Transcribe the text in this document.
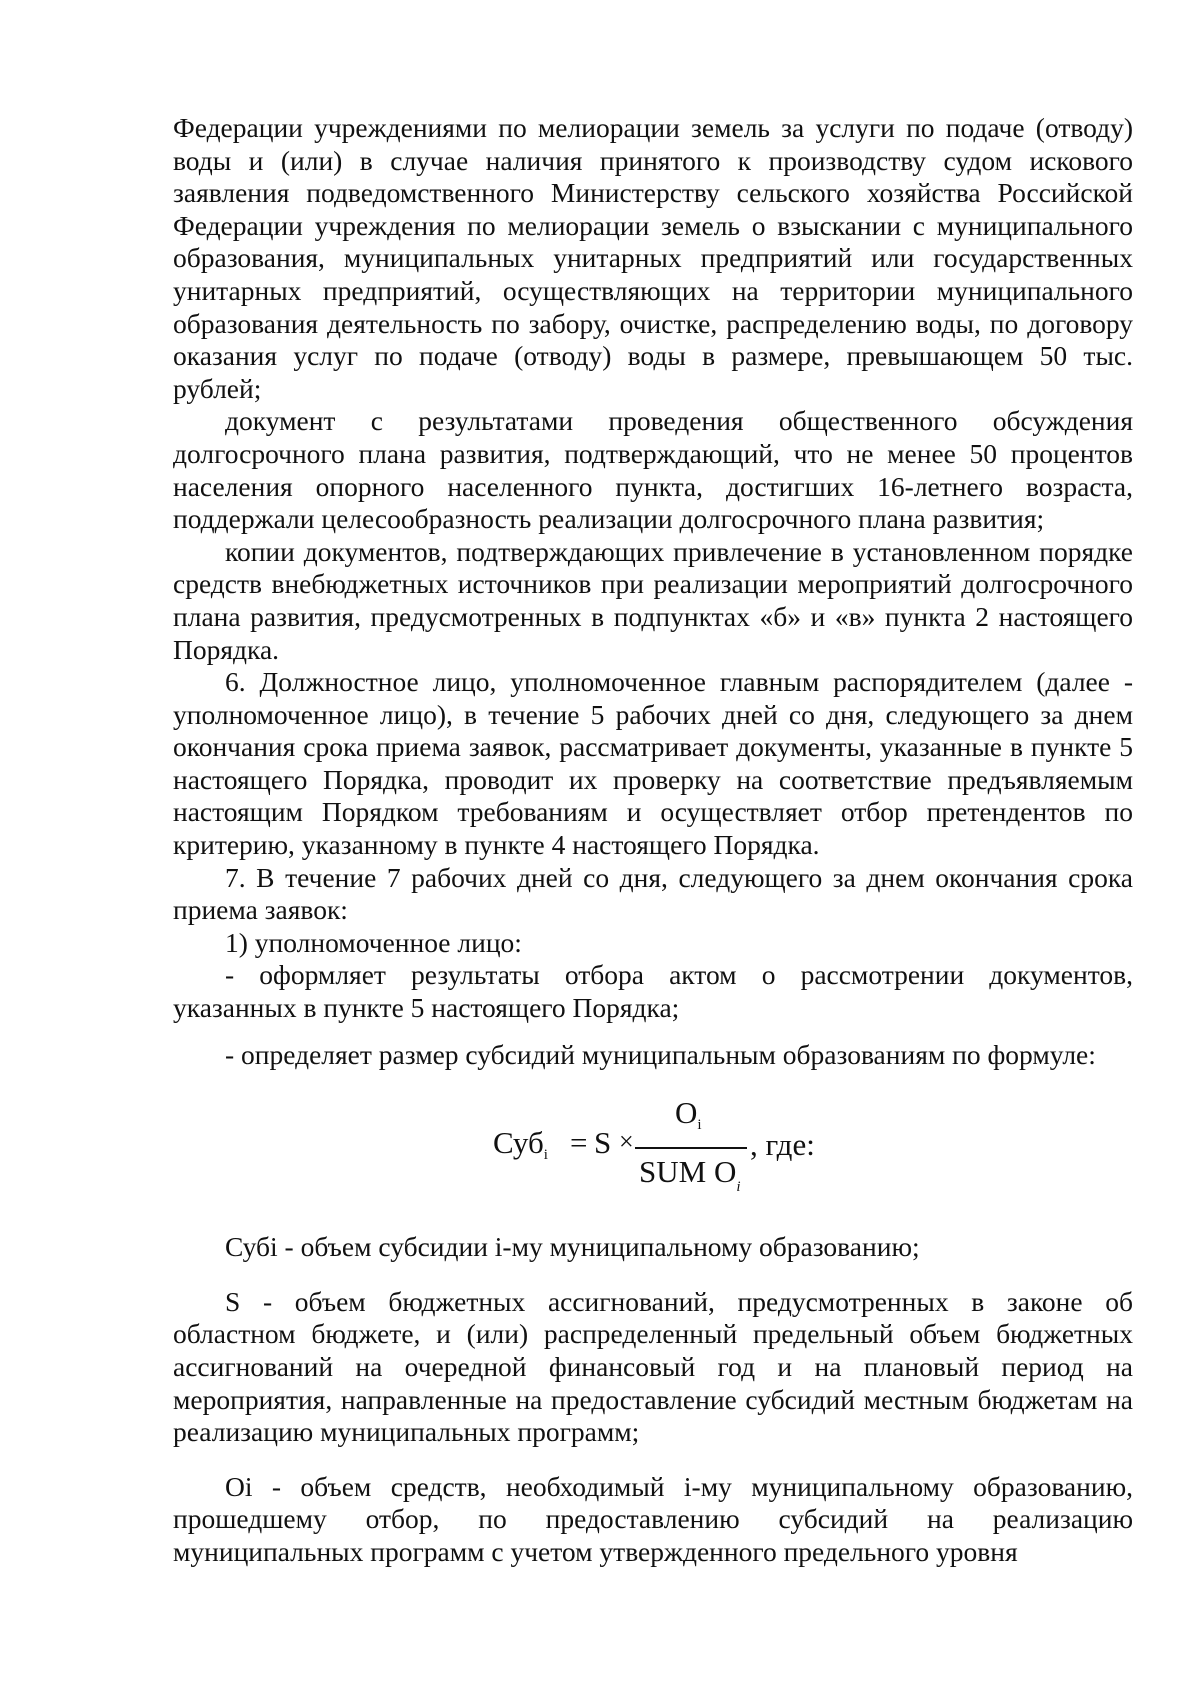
Федерации учреждениями по мелиорации земель за услуги по подаче (отводу) воды и (или) в случае наличия принятого к производству судом искового заявления подведомственного Министерству сельского хозяйства Российской Федерации учреждения по мелиорации земель о взыскании с муниципального образования, муниципальных унитарных предприятий или государственных унитарных предприятий, осуществляющих на территории муниципального образования деятельность по забору, очистке, распределению воды, по договору оказания услуг по подаче (отводу) воды в размере, превышающем 50 тыс. рублей;

документ с результатами проведения общественного обсуждения долгосрочного плана развития, подтверждающий, что не менее 50 процентов населения опорного населенного пункта, достигших 16-летнего возраста, поддержали целесообразность реализации долгосрочного плана развития;

копии документов, подтверждающих привлечение в установленном порядке средств внебюджетных источников при реализации мероприятий долгосрочного плана развития, предусмотренных в подпунктах «б» и «в» пункта 2 настоящего Порядка.

6. Должностное лицо, уполномоченное главным распорядителем (далее - уполномоченное лицо), в течение 5 рабочих дней со дня, следующего за днем окончания срока приема заявок, рассматривает документы, указанные в пункте 5 настоящего Порядка, проводит их проверку на соответствие предъявляемым настоящим Порядком требованиям и осуществляет отбор претендентов по критерию, указанному в пункте 4 настоящего Порядка.

7. В течение 7 рабочих дней со дня, следующего за днем окончания срока приема заявок:

1) уполномоченное лицо:

- оформляет результаты отбора актом о рассмотрении документов, указанных в пункте 5 настоящего Порядка;

- определяет размер субсидий муниципальным образованиям по формуле:

Суб$_i$ = S ×
$O_i$
SUM $O_i$
, где:

Субі - объем субсидии і-му муниципальному образованию;

S - объем бюджетных ассигнований, предусмотренных в законе об областном бюджете, и (или) распределенный предельный объем бюджетных ассигнований на очередной финансовый год и на плановый период на мероприятия, направленные на предоставление субсидий местным бюджетам на реализацию муниципальных программ;

Оі - объем средств, необходимый і-му муниципальному образованию, прошедшему отбор, по предоставлению субсидий на реализацию муниципальных программ с учетом утвержденного предельного уровня
